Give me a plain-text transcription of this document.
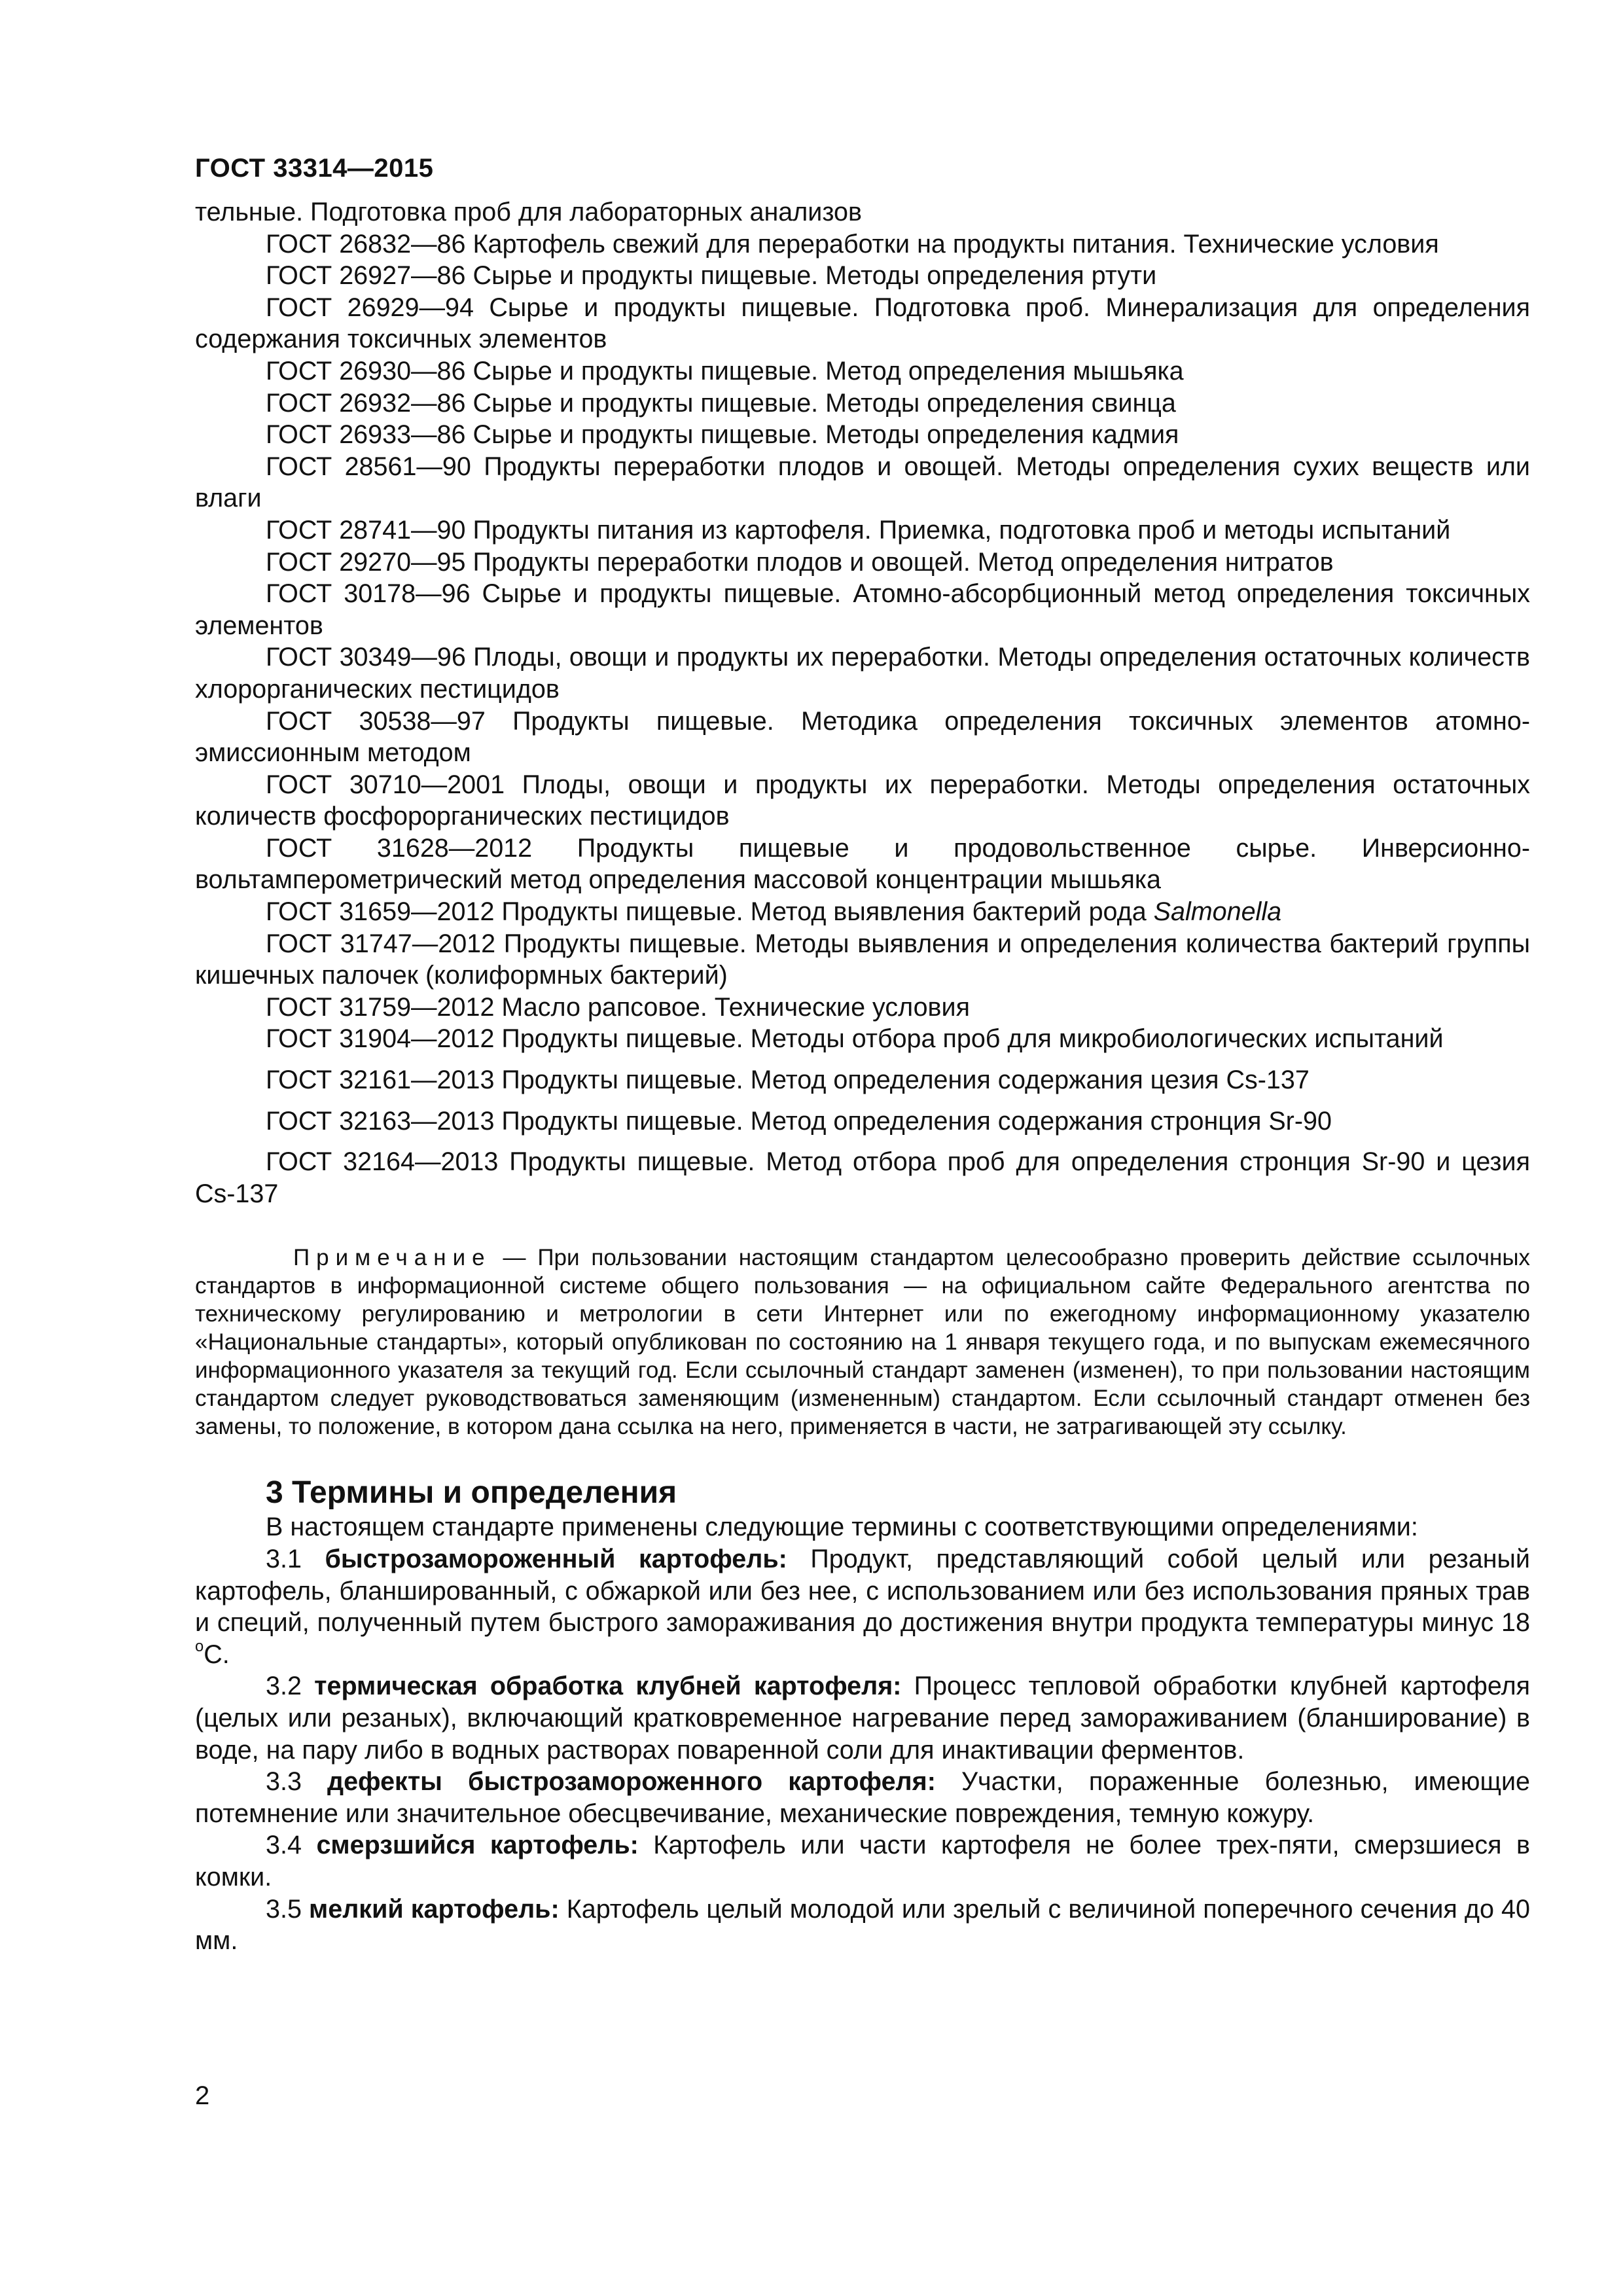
ГОСТ 33314—2015

тельные. Подготовка проб для лабораторных анализов

ГОСТ 26832—86 Картофель свежий для переработки на продукты питания. Технические условия

ГОСТ 26927—86 Сырье и продукты пищевые. Методы определения ртути

ГОСТ 26929—94 Сырье и продукты пищевые. Подготовка проб. Минерализация для определения содержания токсичных элементов

ГОСТ 26930—86 Сырье и продукты пищевые. Метод определения мышьяка

ГОСТ 26932—86 Сырье и продукты пищевые. Методы определения свинца

ГОСТ 26933—86 Сырье и продукты пищевые. Методы определения кадмия

ГОСТ 28561—90 Продукты переработки плодов и овощей. Методы определения сухих веществ или влаги

ГОСТ 28741—90 Продукты питания из картофеля. Приемка, подготовка проб и методы испытаний

ГОСТ 29270—95 Продукты переработки плодов и овощей. Метод определения нитратов

ГОСТ 30178—96 Сырье и продукты пищевые. Атомно-абсорбционный метод определения токсичных элементов

ГОСТ 30349—96 Плоды, овощи и продукты их переработки. Методы определения остаточных количеств хлорорганических пестицидов

ГОСТ 30538—97 Продукты пищевые. Методика определения токсичных элементов атомно-эмиссионным методом

ГОСТ 30710—2001 Плоды, овощи и продукты их переработки. Методы определения остаточных количеств фосфорорганических пестицидов

ГОСТ 31628—2012 Продукты пищевые и продовольственное сырье. Инверсионно-вольтамперометрический метод определения массовой концентрации мышьяка

ГОСТ 31659—2012 Продукты пищевые. Метод выявления бактерий рода Salmonella

ГОСТ 31747—2012 Продукты пищевые. Методы выявления и определения количества бактерий группы кишечных палочек (колиформных бактерий)

ГОСТ 31759—2012 Масло рапсовое. Технические условия

ГОСТ 31904—2012 Продукты пищевые. Методы отбора проб для микробиологических испытаний

ГОСТ 32161—2013 Продукты пищевые. Метод определения содержания цезия Cs-137

ГОСТ 32163—2013 Продукты пищевые. Метод определения содержания стронция Sr-90

ГОСТ 32164—2013 Продукты пищевые. Метод отбора проб для определения стронция Sr-90 и цезия Cs-137

Примечание — При пользовании настоящим стандартом целесообразно проверить действие ссылочных стандартов в информационной системе общего пользования — на официальном сайте Федерального агентства по техническому регулированию и метрологии в сети Интернет или по ежегодному информационному указателю «Национальные стандарты», который опубликован по состоянию на 1 января текущего года, и по выпускам ежемесячного информационного указателя за текущий год. Если ссылочный стандарт заменен (изменен), то при пользовании настоящим стандартом следует руководствоваться заменяющим (измененным) стандартом. Если ссылочный стандарт отменен без замены, то положение, в котором дана ссылка на него, применяется в части, не затрагивающей эту ссылку.
3 Термины и определения

В настоящем стандарте применены следующие термины с соответствующими определениями:

3.1 быстрозамороженный картофель: Продукт, представляющий собой целый или резаный картофель, бланшированный, с обжаркой или без нее, с использованием или без использования пряных трав и специй, полученный путем быстрого замораживания до достижения внутри продукта температуры минус 18 $^о$С.

3.2 термическая обработка клубней картофеля: Процесс тепловой обработки клубней картофеля (целых или резаных), включающий кратковременное нагревание перед замораживанием (бланширование) в воде, на пару либо в водных растворах поваренной соли для инактивации ферментов.

3.3 дефекты быстрозамороженного картофеля: Участки, пораженные болезнью, имеющие потемнение или значительное обесцвечивание, механические повреждения, темную кожуру.

3.4 смерзшийся картофель: Картофель или части картофеля не более трех-пяти, смерзшиеся в комки.

3.5 мелкий картофель: Картофель целый молодой или зрелый с величиной поперечного сечения до 40 мм.

2
